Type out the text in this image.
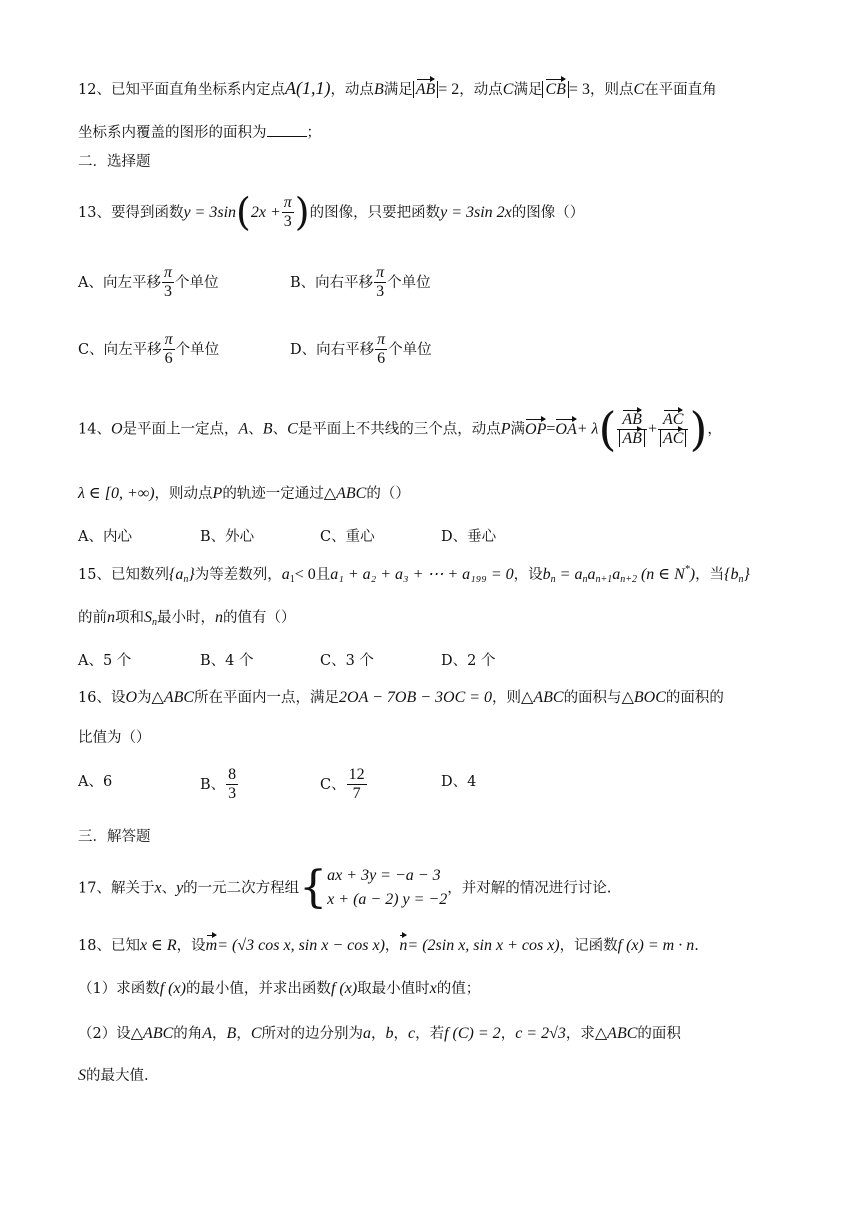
12、已知平面直角坐标系内定点A(1,1)，动点B满足 AB = 2，动点C满足 CB = 3，则点C在平面直角
坐标系内覆盖的图形的面积为	；
二．选择题
13、要得到函数$y = 3\sin(2x + \frac{\pi}{3}$ )的图像，只要把函数y = 3sin 2x的图像（）
A、向左平移 $\frac{\pi}{3}$ 个单位	B、向右平移 $\frac{\pi}{3}$ 个单位
C、向左平移 $\frac{\pi}{6}$ 个单位	D、向右平移 $\frac{\pi}{6}$ 个单位
14、O是平面上一定点，A、B、C是平面上不共线的三个点，动点P满$OP=OA+ \lambda( \frac{AB}{AB} + \frac{AC}{AC}$ )，
λ ∈ [0, +∞)，则动点P的轨迹一定通过△ABC的（）
A、内心	B、外心	C、重心	D、垂心
15、已知数列$\{a_n\}$为等差数列，$a_1< 0$且a₁ + a₂ + a₃ + ⋯ + a₁₉₉ = 0，设$b_n = a_na_{n+1}a_{n+2}$ (n ∈ N*)，当$\{b_n\}$
的前n项和$S_n$最小时，n的值有（）
A、5 个	B、4 个	C、3 个	D、2 个
16、设O为△ABC所在平面内一点，满足2OA − 7OB − 3OC = 0，则△ABC的面积与△BOC的面积的
比值为（）
A、6	B、 $\frac{8}{3}$	C、 $\frac{12}{7}$	D、4
三．解答题
17、解关于x、y的一元二次方程组{ ax + 3y = −a − 3
x + (a − 2) y = −2
，并对解的情况进行讨论.
18、已知x ∈ R，设m= (√3 cos x, sin x − cos x)，n= (2sin x, sin x + cos x)，记函数f (x) = m · n.
（1）求函数f (x)的最小值，并求出函数f (x)取最小值时x的值；
（2）设△ABC的角A，B，C所对的边分别为a，b，c，若f (C) = 2，c = 2√3，求△ABC的面积
S的最大值.
